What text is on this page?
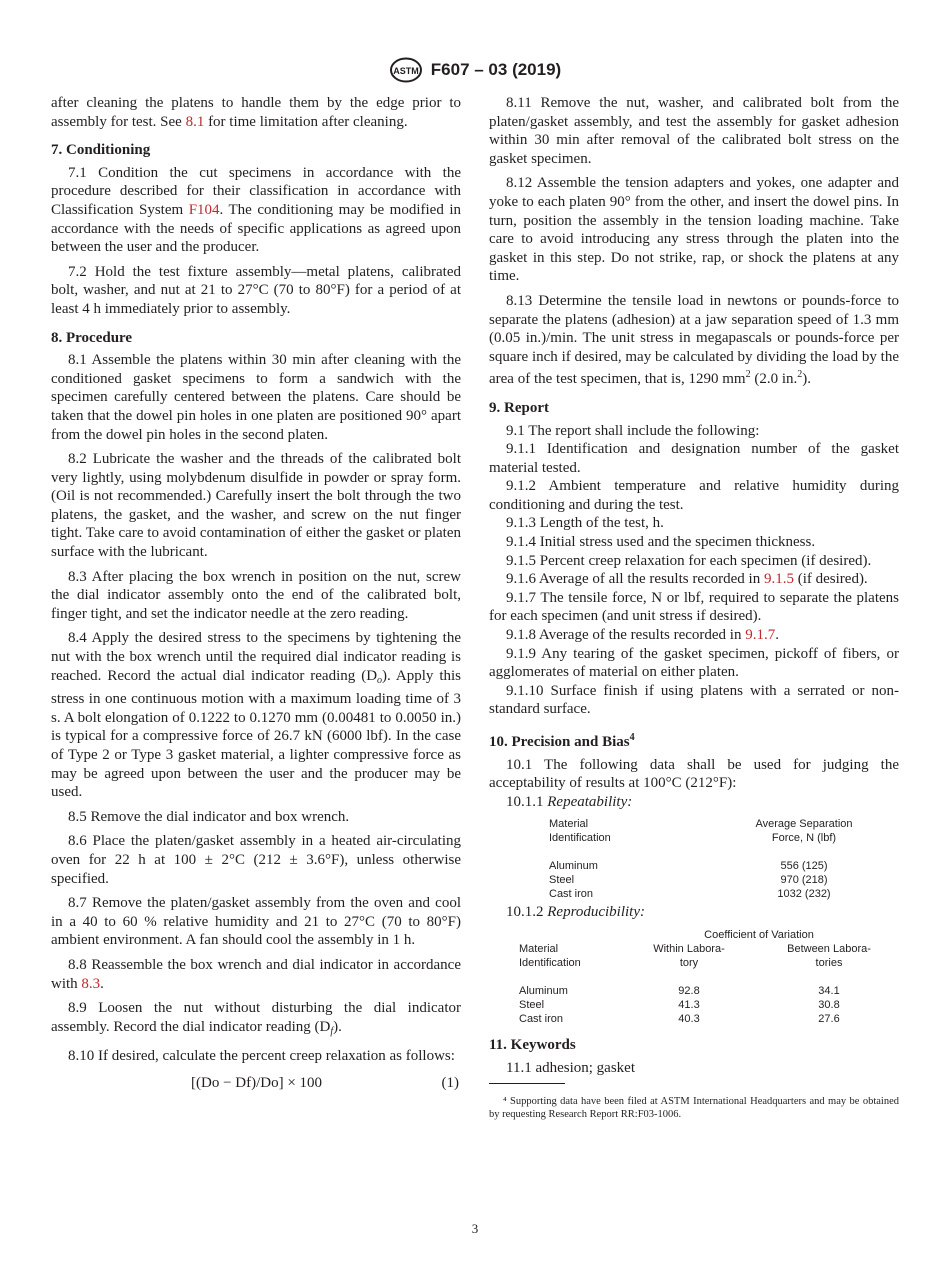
ASTM F607 – 03 (2019)

after cleaning the platens to handle them by the edge prior to assembly for test. See 8.1 for time limitation after cleaning.

7. Conditioning

7.1 Condition the cut specimens in accordance with the procedure described for their classification in accordance with Classification System F104. The conditioning may be modified in accordance with the needs of specific applications as agreed upon between the user and the producer.

7.2 Hold the test fixture assembly—metal platens, calibrated bolt, washer, and nut at 21 to 27°C (70 to 80°F) for a period of at least 4 h immediately prior to assembly.

8. Procedure

8.1 Assemble the platens within 30 min after cleaning with the conditioned gasket specimens to form a sandwich with the specimen carefully centered between the platens. Care should be taken that the dowel pin holes in one platen are positioned 90° apart from the dowel pin holes in the second platen.

8.2 Lubricate the washer and the threads of the calibrated bolt very lightly, using molybdenum disulfide in powder or spray form. (Oil is not recommended.) Carefully insert the bolt through the two platens, the gasket, and the washer, and screw on the nut finger tight. Take care to avoid contamination of either the gasket or platen surface with the lubricant.

8.3 After placing the box wrench in position on the nut, screw the dial indicator assembly onto the end of the calibrated bolt, finger tight, and set the indicator needle at the zero reading.

8.4 Apply the desired stress to the specimens by tightening the nut with the box wrench until the required dial indicator reading is reached. Record the actual dial indicator reading $(D_o)$. Apply this stress in one continuous motion with a maximum loading time of 3 s. A bolt elongation of 0.1222 to 0.1270 mm (0.00481 to 0.0050 in.) is typical for a compressive force of 26.7 kN (6000 lbf). In the case of Type 2 or Type 3 gasket material, a lighter compressive force as may be agreed upon between the user and the producer may be used.

8.5 Remove the dial indicator and box wrench.

8.6 Place the platen/gasket assembly in a heated air-circulating oven for 22 h at 100 ± 2°C (212 ± 3.6°F), unless otherwise specified.

8.7 Remove the platen/gasket assembly from the oven and cool in a 40 to 60 % relative humidity and 21 to 27°C (70 to 80°F) ambient environment. A fan should cool the assembly in 1 h.

8.8 Reassemble the box wrench and dial indicator in accordance with 8.3.

8.9 Loosen the nut without disturbing the dial indicator assembly. Record the dial indicator reading $(D_f)$.

8.10 If desired, calculate the percent creep relaxation as follows:

[(Do − Df)/Do] × 100	(1)

8.11 Remove the nut, washer, and calibrated bolt from the platen/gasket assembly, and test the assembly for gasket adhesion within 30 min after removal of the calibrated bolt stress on the gasket specimen.

8.12 Assemble the tension adapters and yokes, one adapter and yoke to each platen 90° from the other, and insert the dowel pins. In turn, position the assembly in the tension loading machine. Take care to avoid introducing any stress through the platen into the gasket in this step. Do not strike, rap, or shock the platens at any time.

8.13 Determine the tensile load in newtons or pounds-force to separate the platens (adhesion) at a jaw separation speed of 1.3 mm (0.05 in.)/min. The unit stress in megapascals or pounds-force per square inch if desired, may be calculated by dividing the load by the area of the test specimen, that is, 1290 $mm^2$ (2.0 in.$^2$).

9. Report

9.1 The report shall include the following:

9.1.1 Identification and designation number of the gasket material tested.

9.1.2 Ambient temperature and relative humidity during conditioning and during the test.

9.1.3 Length of the test, h.

9.1.4 Initial stress used and the specimen thickness.

9.1.5 Percent creep relaxation for each specimen (if desired).

9.1.6 Average of all the results recorded in 9.1.5 (if desired).

9.1.7 The tensile force, N or lbf, required to separate the platens for each specimen (and unit stress if desired).

9.1.8 Average of the results recorded in 9.1.7.

9.1.9 Any tearing of the gasket specimen, pickoff of fibers, or agglomerates of material on either platen.

9.1.10 Surface finish if using platens with a serrated or non-standard surface.

10. Precision and Bias$^4$

10.1 The following data shall be used for judging the acceptability of results at 100°C (212°F):

10.1.1 Repeatability:

Material	Average Separation
Identification	Force, N (lbf)
Aluminum	556 (125)
Steel	970 (218)
Cast iron	1032 (232)

10.1.2 Reproducibility:

Coefficient of Variation
Material	Within Labora-	Between Labora-
Identification	tory	tories
Aluminum	92.8	34.1
Steel	41.3	30.8
Cast iron	40.3	27.6
11. Keywords

11.1 adhesion; gasket

⁴ Supporting data have been filed at ASTM International Headquarters and may be obtained by requesting Research Report RR:F03-1006.

3
